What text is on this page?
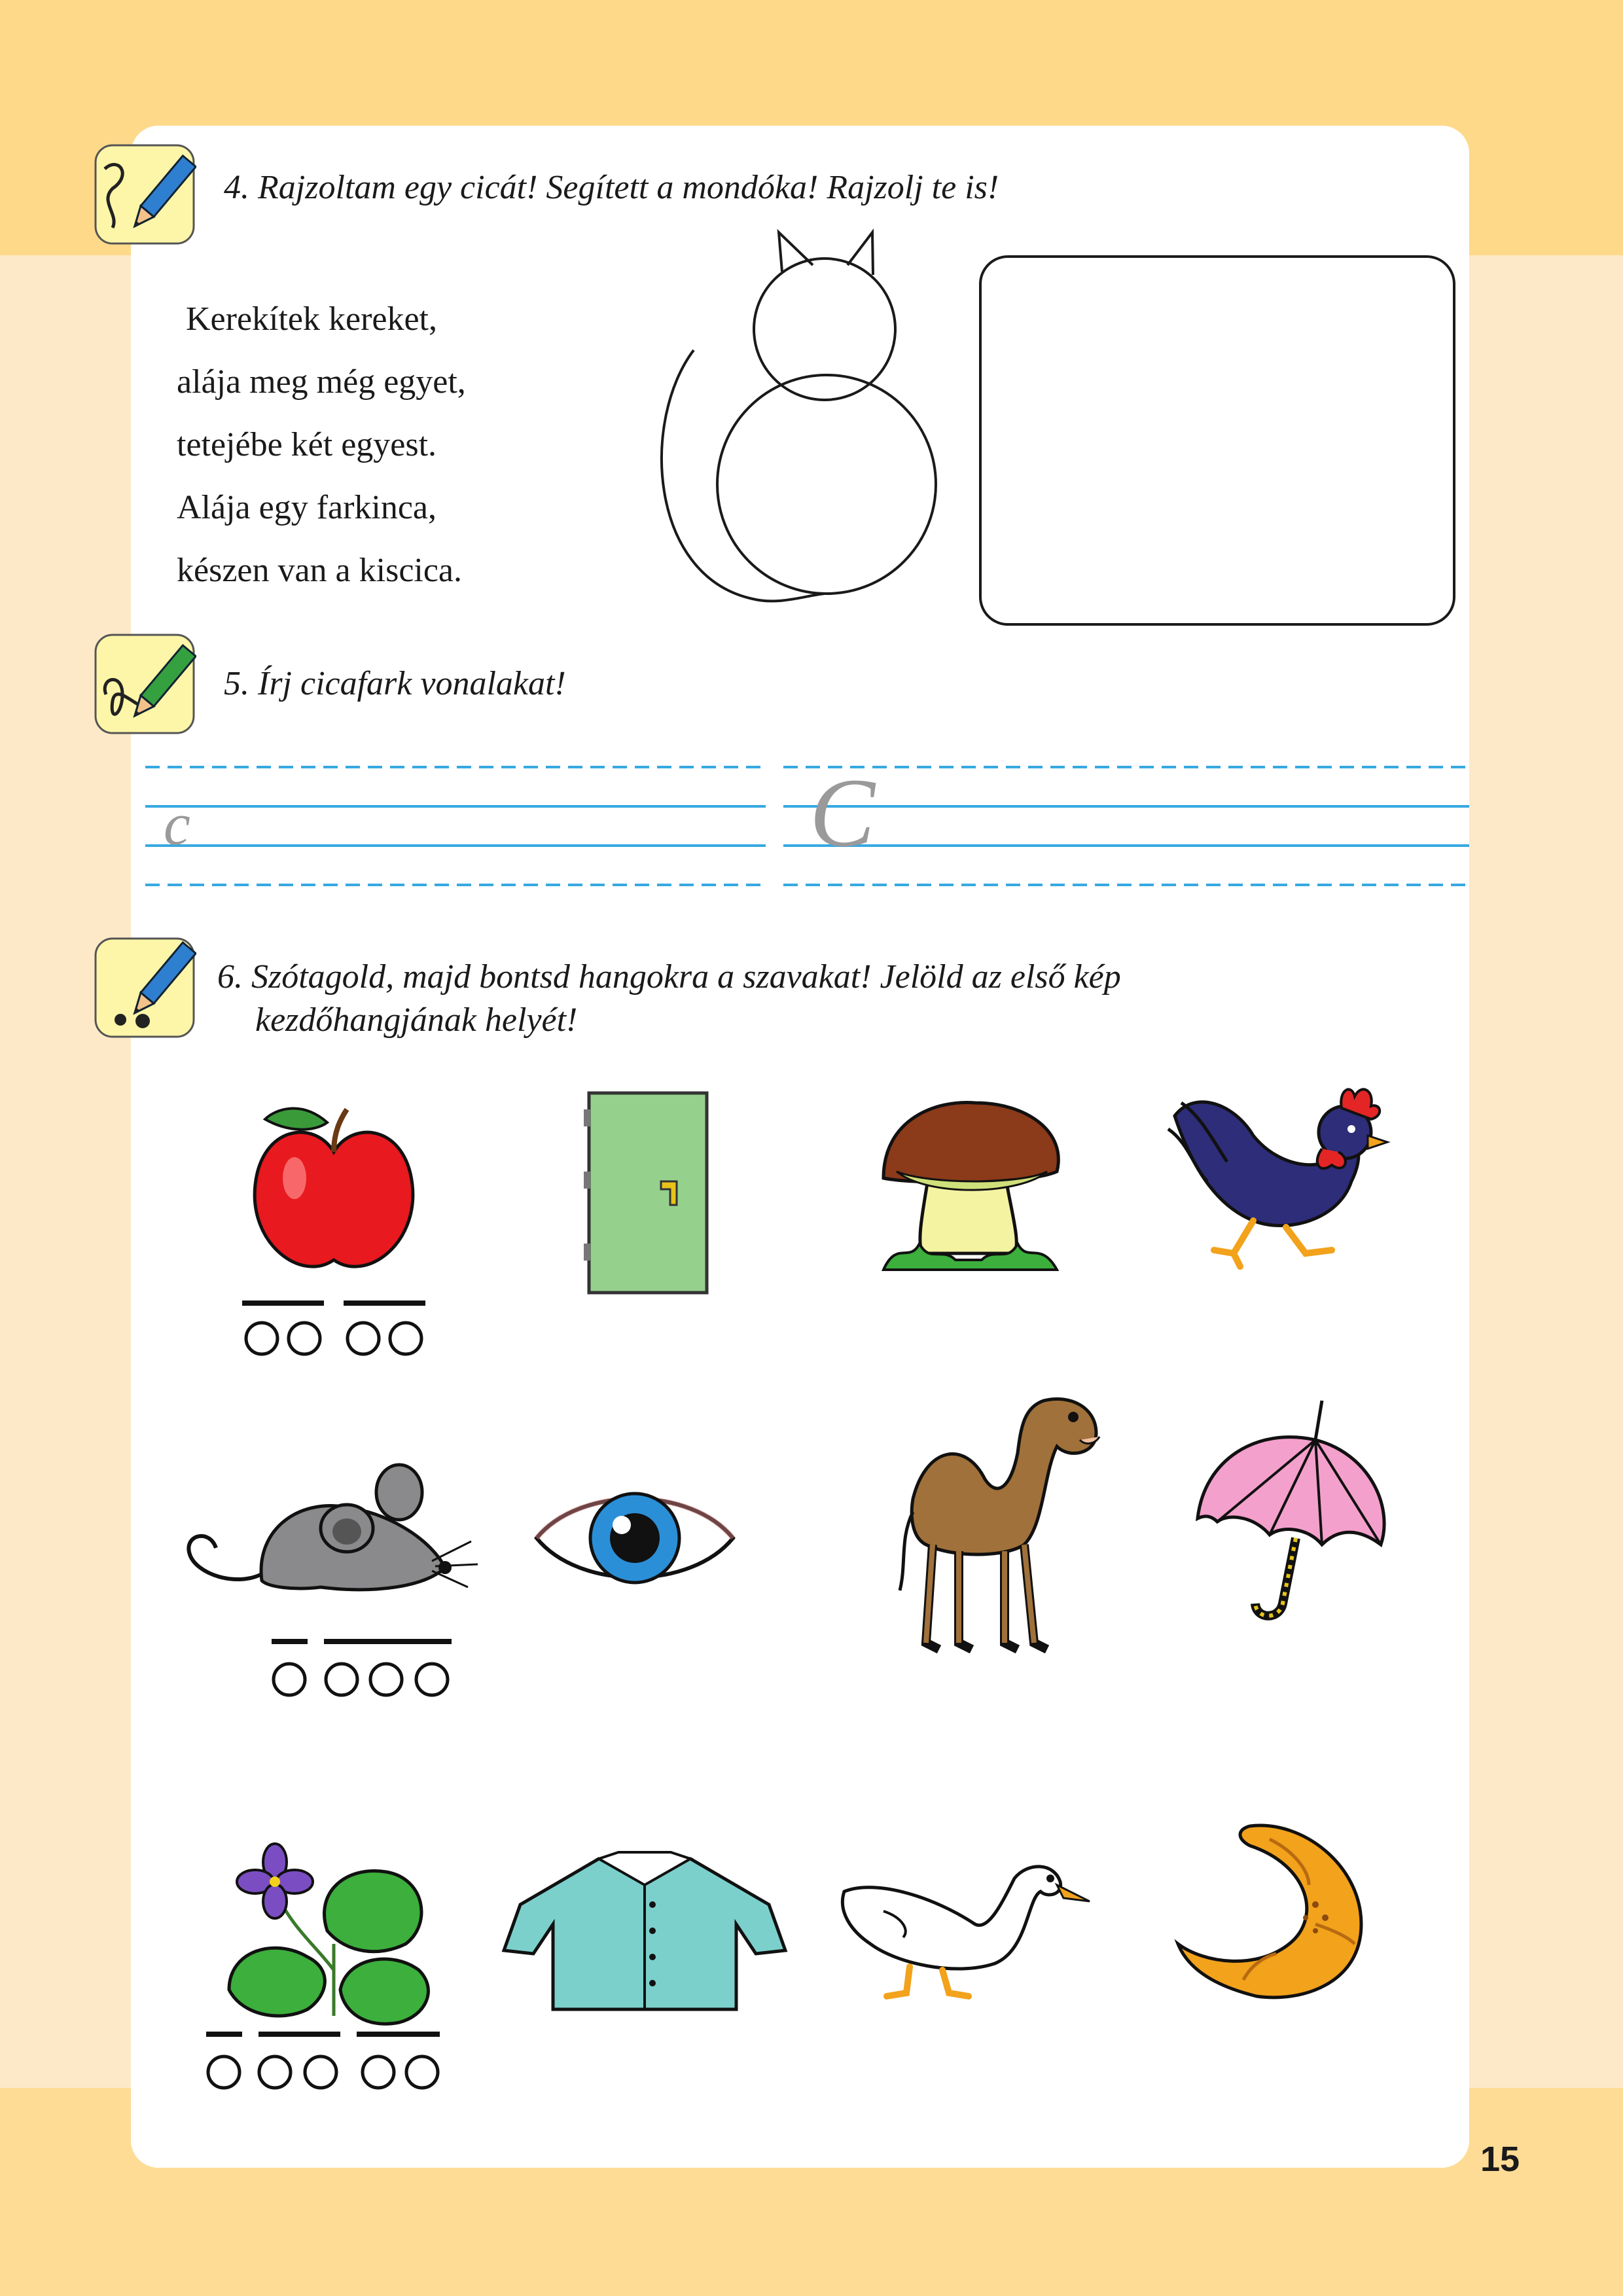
15
4. Rajzoltam egy cicát! Segített a mondóka! Rajzolj te is!
Kerekítek kereket,
alája meg még egyet,
tetejébe két egyest.
Alája egy farkinca,
készen van a kiscica.
5. Írj cicafark vonalakat!
c	C
6. Szótagold, majd bontsd hangokra a szavakat! Jelöld az első kép
kezdőhangjának helyét!
